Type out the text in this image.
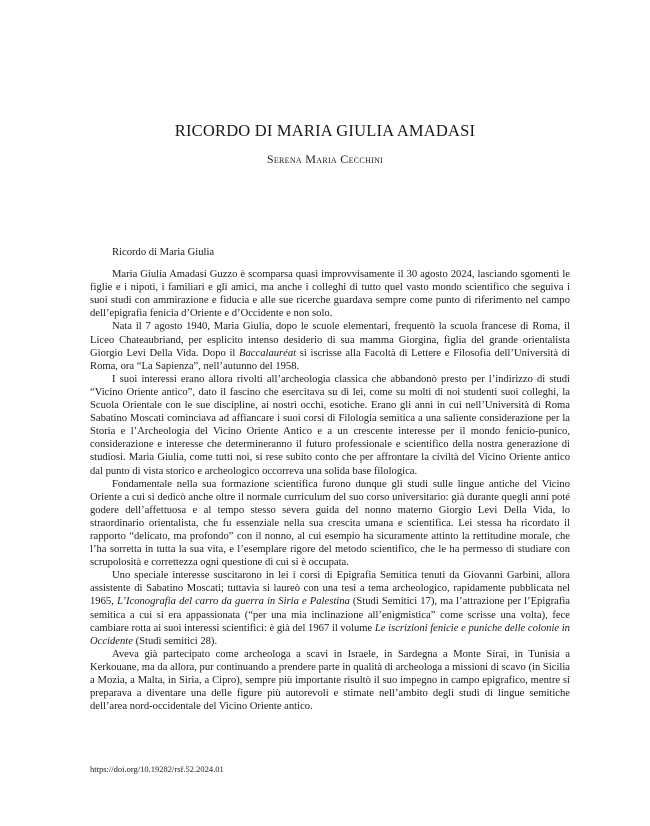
RICORDO DI MARIA GIULIA AMADASI
Serena Maria Cecchini

Ricordo di Maria Giulia

Maria Giulia Amadasi Guzzo è scomparsa quasi improvvisamente il 30 agosto 2024, lasciando sgomenti le figlie e i nipoti, i familiari e gli amici, ma anche i colleghi di tutto quel vasto mondo scientifico che seguiva i suoi studi con ammirazione e fiducia e alle sue ricerche guardava sempre come punto di riferimento nel campo dell’epigrafia fenicia d’Oriente e d’Occidente e non solo.

Nata il 7 agosto 1940, Maria Giulia, dopo le scuole elementari, frequentò la scuola francese di Roma, il Liceo Chateaubriand, per esplicito intenso desiderio di sua mamma Giorgina, figlia del grande orientalista Giorgio Levi Della Vida. Dopo il Baccalauréat si iscrisse alla Facoltà di Lettere e Filosofia dell’Università di Roma, ora “La Sapienza”, nell’autunno del 1958.

I suoi interessi erano allora rivolti all’archeologia classica che abbandonò presto per l’indirizzo di studi “Vicino Oriente antico”, dato il fascino che esercitava su di lei, come su molti di noi studenti suoi colleghi, la Scuola Orientale con le sue discipline, ai nostri occhi, esotiche. Erano gli anni in cui nell’Università di Roma Sabatino Moscati cominciava ad affiancare i suoi corsi di Filologia semitica a una saliente considerazione per la Storia e l’Archeologia del Vicino Oriente Antico e a un crescente interesse per il mondo fenicio-punico, considerazione e interesse che determineranno il futuro professionale e scientifico della nostra generazione di studiosi. Maria Giulia, come tutti noi, si rese subito conto che per affrontare la civiltà del Vicino Oriente antico dal punto di vista storico e archeologico occorreva una solida base filologica.

Fondamentale nella sua formazione scientifica furono dunque gli studi sulle lingue antiche del Vicino Oriente a cui si dedicò anche oltre il normale curriculum del suo corso universitario: già durante quegli anni poté godere dell’affettuosa e al tempo stesso severa guida del nonno materno Giorgio Levi Della Vida, lo straordinario orientalista, che fu essenziale nella sua crescita umana e scientifica. Lei stessa ha ricordato il rapporto “delicato, ma profondo” con il nonno, al cui esempio ha sicuramente attinto la rettitudine morale, che l’ha sorretta in tutta la sua vita, e l’esemplare rigore del metodo scientifico, che le ha permesso di studiare con scrupolosità e correttezza ogni questione di cui si è occupata.

Uno speciale interesse suscitarono in lei i corsi di Epigrafia Semitica tenuti da Giovanni Garbini, allora assistente di Sabatino Moscati; tuttavia si laureò con una tesi a tema archeologico, rapidamente pubblicata nel 1965, L’Iconografia del carro da guerra in Siria e Palestina (Studi Semitici 17), ma l’attrazione per l’Epigrafia semitica a cui si era appassionata (“per una mia inclinazione all’enigmistica” come scrisse una volta), fece cambiare rotta ai suoi interessi scientifici: è già del 1967 il volume Le iscrizioni fenicie e puniche delle colonie in Occidente (Studi semitici 28).

Aveva già partecipato come archeologa a scavi in Israele, in Sardegna a Monte Sirai, in Tunisia a Kerkouane, ma da allora, pur continuando a prendere parte in qualità di archeologa a missioni di scavo (in Sicilia a Mozia, a Malta, in Siria, a Cipro), sempre più importante risultò il suo impegno in campo epigrafico, mentre si preparava a diventare una delle figure più autorevoli e stimate nell’ambito degli studi di lingue semitiche dell’area nord-occidentale del Vicino Oriente antico.

https://doi.org/10.19282/rsf.52.2024.01
